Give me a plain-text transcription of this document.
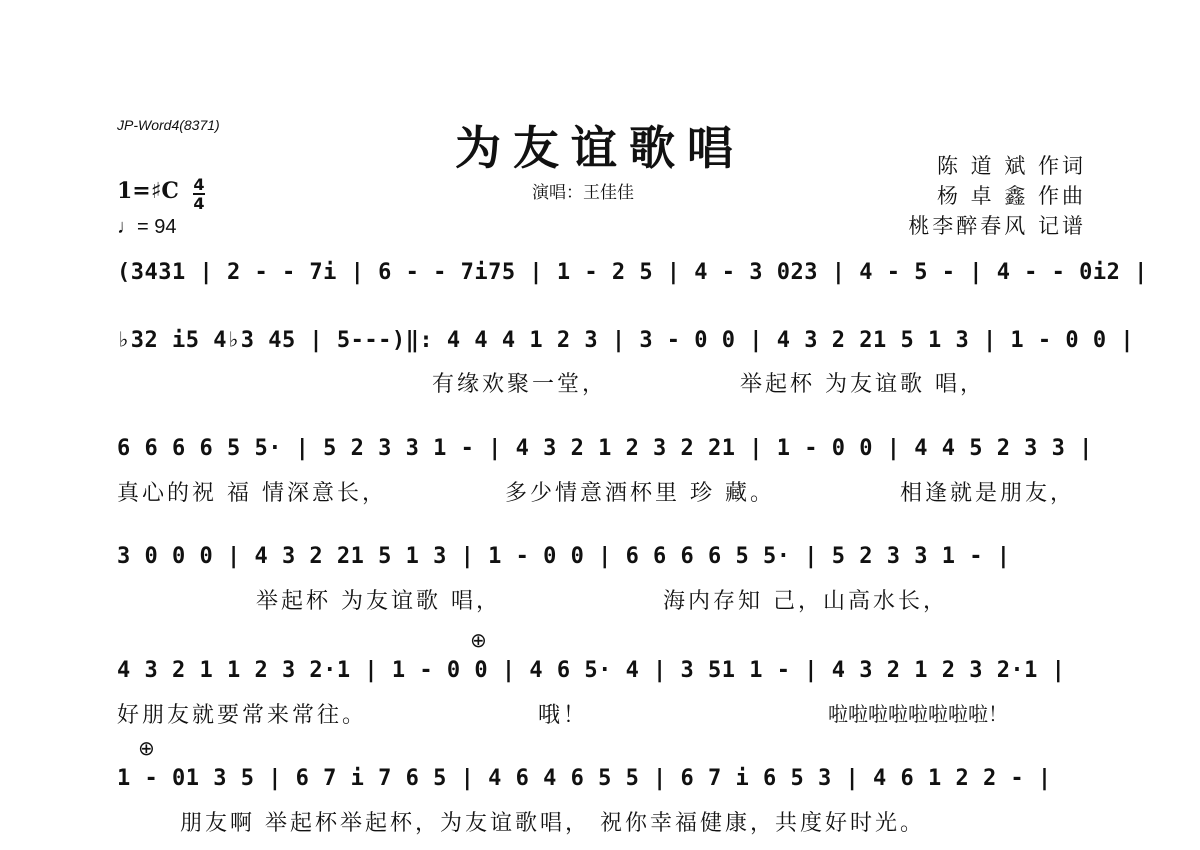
JP-Word4(8371)	为友谊歌唱
演唱：王佳佳
陈 道 斌 作词
杨 卓 鑫 作曲
桃李醉春风 记谱
1=♯C 4
4
♩= 94
(3431 | 2 - - 7i | 6 - - 7i75 | 1 - 2 5 | 4 - 3 023 | 4 - 5 - | 4 - - 0i2 |
♭32 i5 4♭3 45 | 5---)‖: 4 4 4 1 2 3 | 3 - 0 0 | 4 3 2 21 5 1 3 | 1 - 0 0 |
有缘欢聚一堂，	举起杯 为友谊歌 唱，
6 6 6 6 5 5· | 5 2 3 3 1 - | 4 3 2 1 2 3 2 21 | 1 - 0 0 | 4 4 5 2 3 3 |
真心的祝 福 情深意长，	多少情意酒杯里 珍 藏。	相逢就是朋友，
3 0 0 0 | 4 3 2 21 5 1 3 | 1 - 0 0 | 6 6 6 6 5 5· | 5 2 3 3 1 - |
举起杯 为友谊歌 唱，	海内存知 己，山高水长，
⊕
4 3 2 1 1 2 3 2·1 | 1 - 0 0 | 4 6 5· 4 | 3 51 1 - | 4 3 2 1 2 3 2·1 |
好朋友就要常来常往。	哦！	啦啦啦啦啦啦啦啦！
⊕
1 - 01 3 5 | 6 7 i 7 6 5 | 4 6 4 6 5 5 | 6 7 i 6 5 3 | 4 6 1 2 2 - |
朋友啊 举起杯举起杯，为友谊歌唱， 祝你幸福健康，共度好时光。
